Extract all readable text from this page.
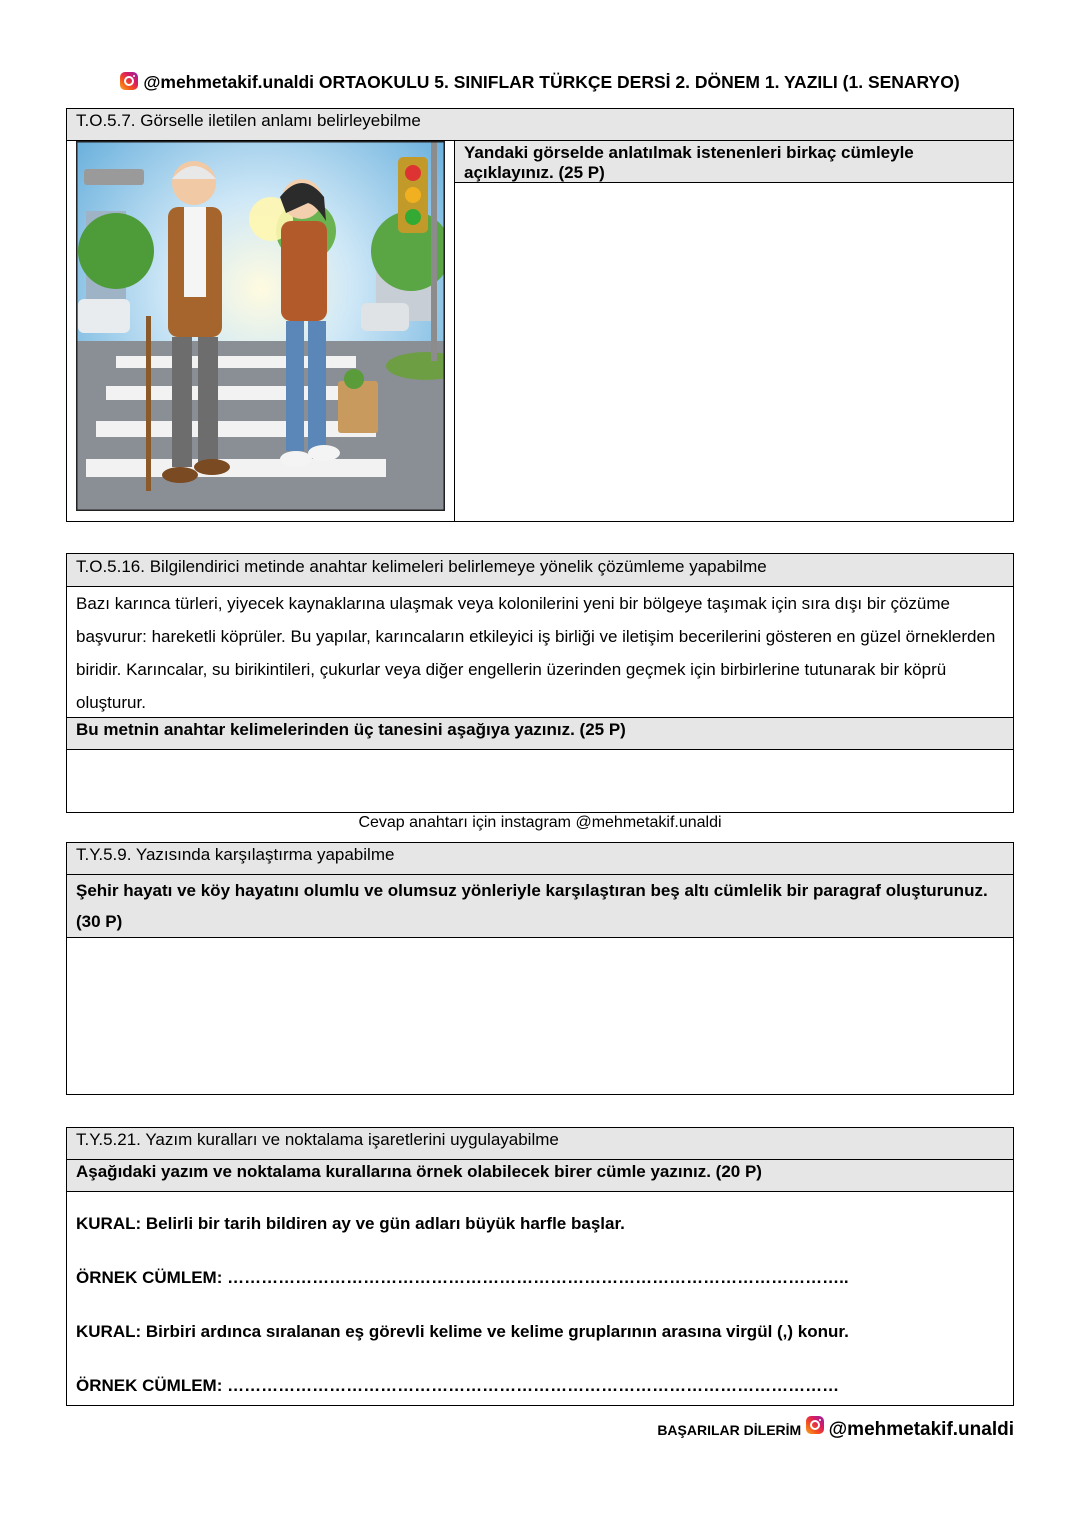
@mehmetakif.unaldi ORTAOKULU 5. SINIFLAR TÜRKÇE DERSİ 2. DÖNEM 1. YAZILI (1. SENARYO)
T.O.5.7. Görselle iletilen anlamı belirleyebilme
Yandaki görselde anlatılmak istenenleri birkaç cümleyle açıklayınız. (25 P)
T.O.5.16. Bilgilendirici metinde anahtar kelimeleri belirlemeye yönelik çözümleme yapabilme
Bazı karınca türleri, yiyecek kaynaklarına ulaşmak veya kolonilerini yeni bir bölgeye taşımak için sıra dışı bir çözüme başvurur: hareketli köprüler. Bu yapılar, karıncaların etkileyici iş birliği ve iletişim becerilerini gösteren en güzel örneklerden biridir. Karıncalar, su birikintileri, çukurlar veya diğer engellerin üzerinden geçmek için birbirlerine tutunarak bir köprü oluşturur.
Bu metnin anahtar kelimelerinden üç tanesini aşağıya yazınız. (25 P)
Cevap anahtarı için instagram @mehmetakif.unaldi
T.Y.5.9. Yazısında karşılaştırma yapabilme
Şehir hayatı ve köy hayatını olumlu ve olumsuz yönleriyle karşılaştıran beş altı cümlelik bir paragraf oluşturunuz. (30 P)
T.Y.5.21. Yazım kuralları ve noktalama işaretlerini uygulayabilme
Aşağıdaki yazım ve noktalama kurallarına örnek olabilecek birer cümle yazınız. (20 P)

KURAL: Belirli bir tarih bildiren ay ve gün adları büyük harfle başlar.

ÖRNEK CÜMLEM: ………………………………………………………………………………………………..

KURAL: Birbiri ardınca sıralanan eş görevli kelime ve kelime gruplarının arasına virgül (,) konur.

ÖRNEK CÜMLEM: ………………………………………………………………………………………………

BAŞARILAR DİLERİM @mehmetakif.unaldi
